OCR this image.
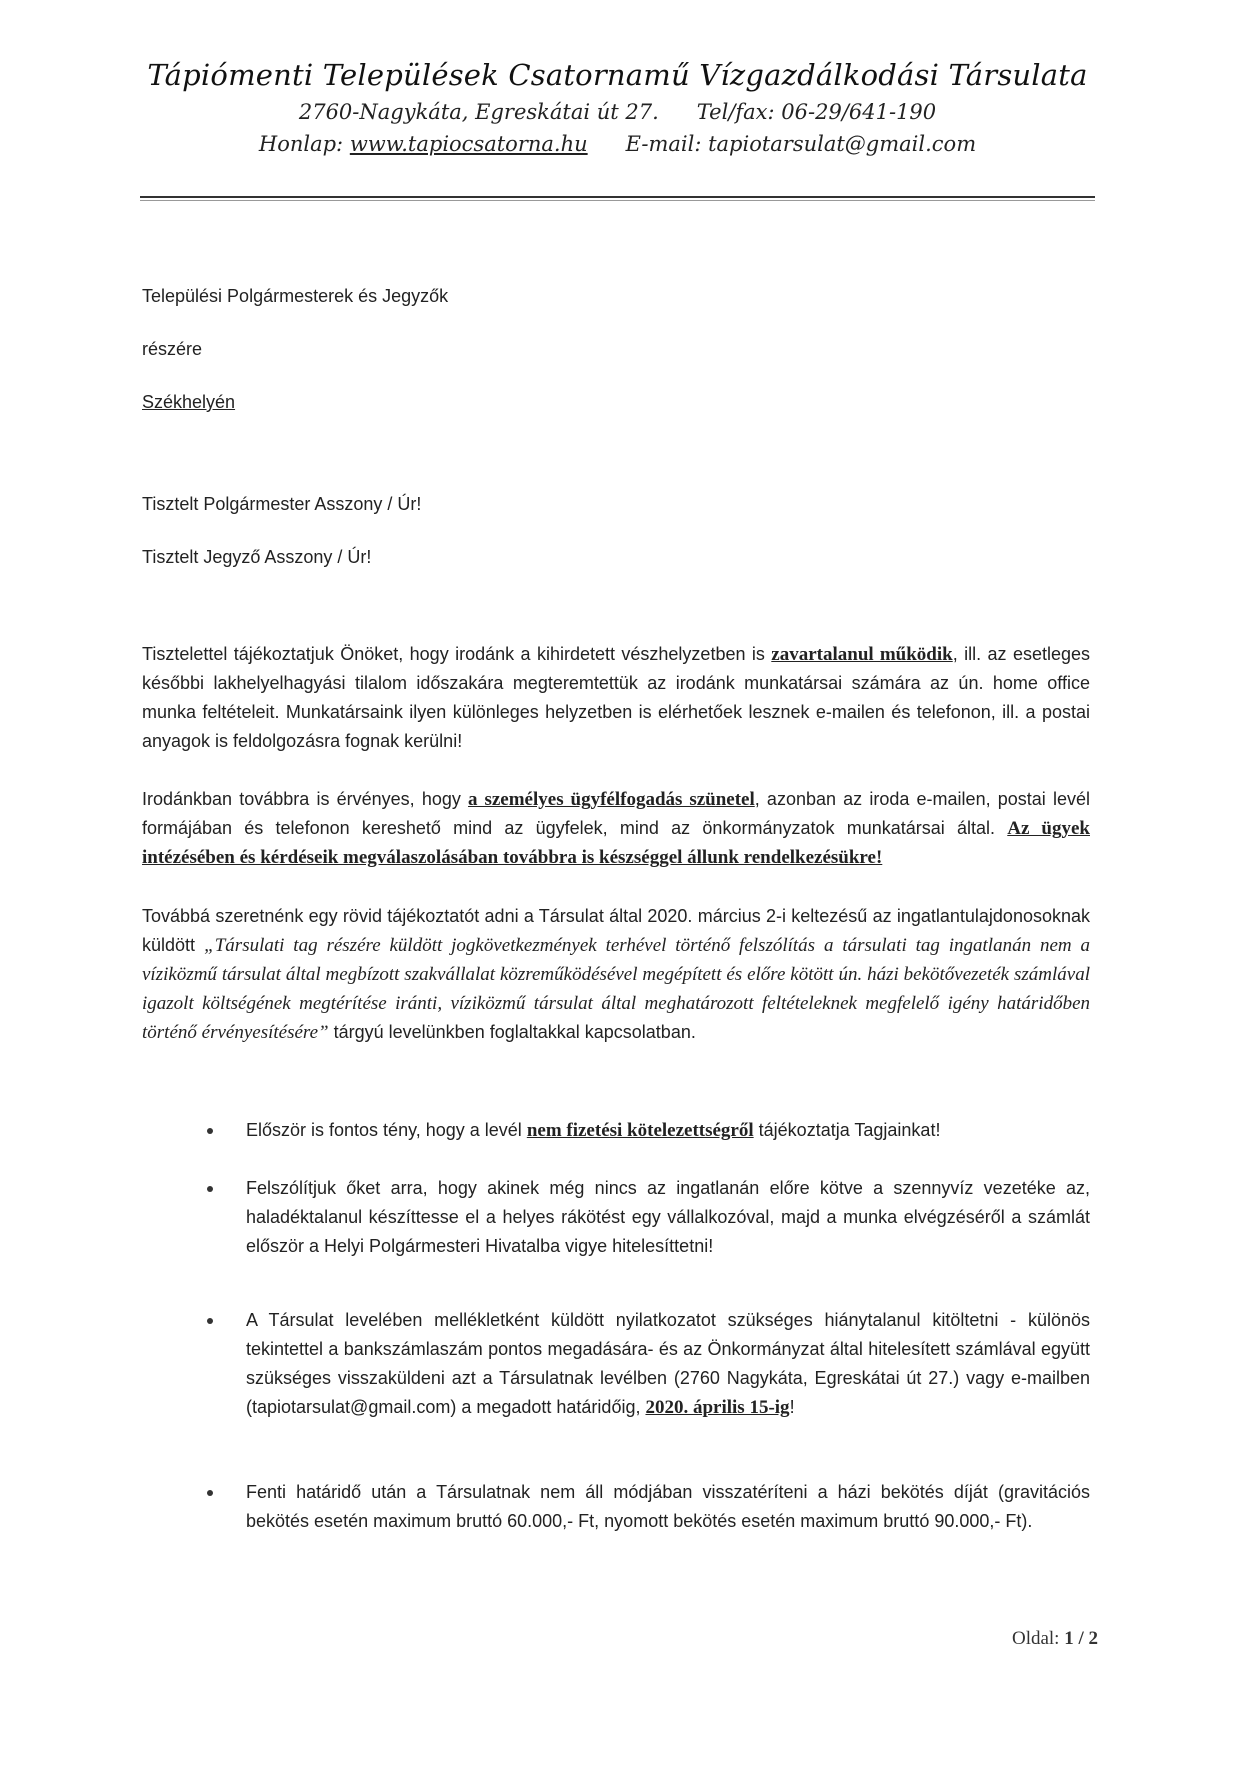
Tápiómenti Települések Csatornamű Vízgazdálkodási Társulata

2760-Nagykáta, Egreskátai út 27. Tel/fax: 06-29/641-190

Honlap: www.tapiocsatorna.hu E-mail: tapiotarsulat@gmail.com

Települési Polgármesterek és Jegyzők

részére

Székhelyén

Tisztelt Polgármester Asszony / Úr!

Tisztelt Jegyző Asszony / Úr!

Tisztelettel tájékoztatjuk Önöket, hogy irodánk a kihirdetett vészhelyzetben is zavartalanul működik, ill. az esetleges későbbi lakhelyelhagyási tilalom időszakára megteremtettük az irodánk munkatársai számára az ún. home office munka feltételeit. Munkatársaink ilyen különleges helyzetben is elérhetőek lesznek e-mailen és telefonon, ill. a postai anyagok is feldolgozásra fognak kerülni!

Irodánkban továbbra is érvényes, hogy a személyes ügyfélfogadás szünetel, azonban az iroda e-mailen, postai levél formájában és telefonon kereshető mind az ügyfelek, mind az önkormányzatok munkatársai által. Az ügyek intézésében és kérdéseik megválaszolásában továbbra is készséggel állunk rendelkezésükre!

Továbbá szeretnénk egy rövid tájékoztatót adni a Társulat által 2020. március 2-i keltezésű az ingatlantulajdonosoknak küldött „Társulati tag részére küldött jogkövetkezmények terhével történő felszólítás a társulati tag ingatlanán nem a víziközmű társulat által megbízott szakvállalat közreműködésével megépített és előre kötött ún. házi bekötővezeték számlával igazolt költségének megtérítése iránti, víziközmű társulat által meghatározott feltételeknek megfelelő igény határidőben történő érvényesítésére” tárgyú levelünkben foglaltakkal kapcsolatban.

Először is fontos tény, hogy a levél nem fizetési kötelezettségről tájékoztatja Tagjainkat!
Felszólítjuk őket arra, hogy akinek még nincs az ingatlanán előre kötve a szennyvíz vezetéke az, haladéktalanul készíttesse el a helyes rákötést egy vállalkozóval, majd a munka elvégzéséről a számlát először a Helyi Polgármesteri Hivatalba vigye hitelesíttetni!
A Társulat levelében mellékletként küldött nyilatkozatot szükséges hiánytalanul kitöltetni - különös tekintettel a bankszámlaszám pontos megadására- és az Önkormányzat által hitelesített számlával együtt szükséges visszaküldeni azt a Társulatnak levélben (2760 Nagykáta, Egreskátai út 27.) vagy e-mailben (tapiotarsulat@gmail.com) a megadott határidőig, 2020. április 15-ig!
Fenti határidő után a Társulatnak nem áll módjában visszatéríteni a házi bekötés díját (gravitációs bekötés esetén maximum bruttó 60.000,- Ft, nyomott bekötés esetén maximum bruttó 90.000,- Ft).

Oldal: 1 / 2
